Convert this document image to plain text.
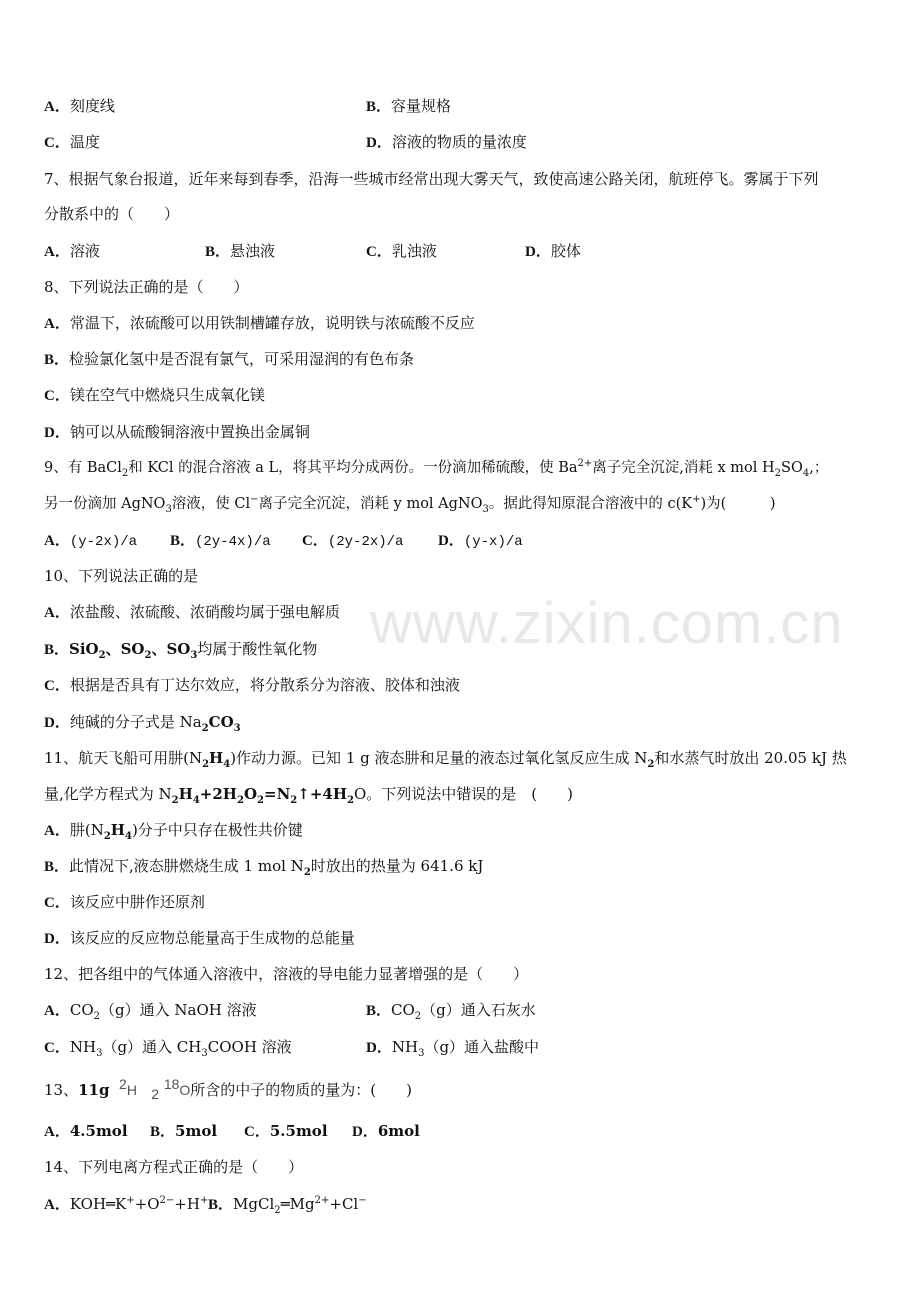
www.zixin.com.cn
A．刻度线	B．容量规格
C．温度	D．溶液的物质的量浓度
7、根据气象台报道，近年来每到春季，沿海一些城市经常出现大雾天气，致使高速公路关闭，航班停飞。雾属于下列
分散系中的（　　）
A．溶液	B．悬浊液	C．乳浊液	D．胶体
8、下列说法正确的是（　　）
A．常温下，浓硫酸可以用铁制槽罐存放，说明铁与浓硫酸不反应
B．检验氯化氢中是否混有氯气，可采用湿润的有色布条
C．镁在空气中燃烧只生成氧化镁
D．钠可以从硫酸铜溶液中置换出金属铜
9、有 BaCl$_2$和 KCl 的混合溶液 a L，将其平均分成两份。一份滴加稀硫酸，使 $Ba^{2+}$离子完全沉淀,消耗 x mol $H_2SO_4$,；
另一份滴加 AgNO$_3$溶液，使 Cl−离子完全沉淀，消耗 y mol AgNO$_3$。据此得知原混合溶液中的 c(K+)为(　　　)
A．(y-2x)/a B．(2y-4x)/a C．(2y-2x)/a D．(y-x)/a
10、下列说法正确的是
A．浓盐酸、浓硫酸、浓硝酸均属于强电解质
B．SiO$_2$、$SO_2$、$SO_3$均属于酸性氧化物
C．根据是否具有丁达尔效应，将分散系分为溶液、胶体和浊液
D．纯碱的分子式是 $Na_2CO_3$
11、航天飞船可用肼$(N_2H_4)$作动力源。已知 1 g 液态肼和足量的液态过氧化氢反应生成 $N_2$和水蒸气时放出 20.05 kJ 热
量,化学方程式为 $N_2H_4+2H_2O_2=N_2↑+4H_2O$。下列说法中错误的是　(　　)
A．肼$(N_2H_4)$分子中只存在极性共价键
B．此情况下,液态肼燃烧生成 1 mol $N_2$时放出的热量为 641.6 kJ
C．该反应中肼作还原剂
D．该反应的反应物总能量高于生成物的总能量
12、把各组中的气体通入溶液中，溶液的导电能力显著增强的是（　　）
A．$CO_2(g)$通入 NaOH 溶液	B．$CO_2(g)$通入石灰水
C．$NH_3(g)$通入 $CH_3COOH$ 溶液	D．$NH_3(g)$通入盐酸中
13、11g $^2$H $_2$ $^{18}$O所含的中子的物质的量为：(　　)
A．4.5mol B．5mol C．5.5mol D．6mol
14、下列电离方程式正确的是（　　）
A．$KOH═K^++O^{2-}+H^+$ B．$MgCl_2═Mg^{2+}+Cl^-$
